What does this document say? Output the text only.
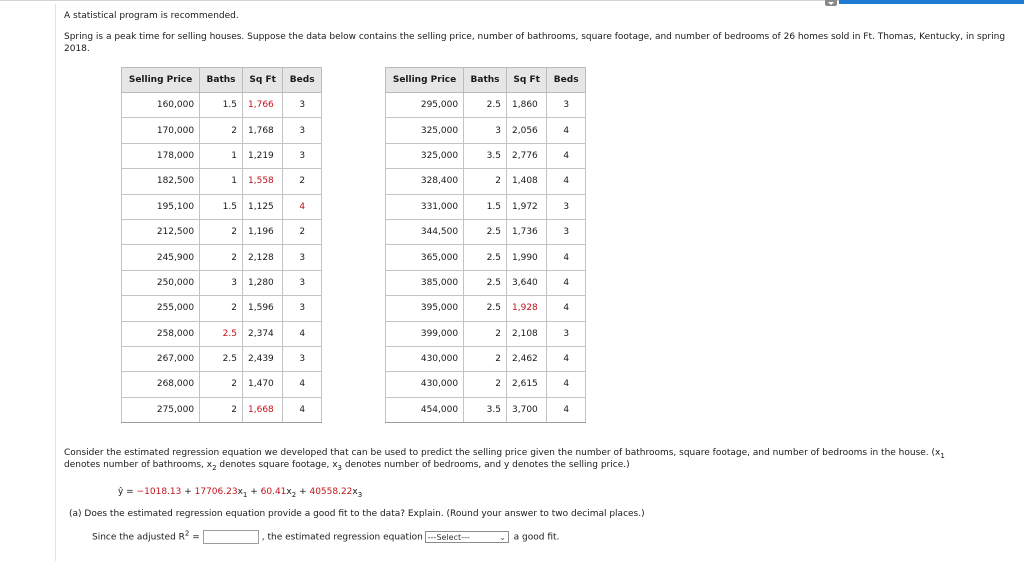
A statistical program is recommended.

Spring is a peak time for selling houses. Suppose the data below contains the selling price, number of bathrooms, square footage, and number of bedrooms of 26 homes sold in Ft. Thomas, Kentucky, in spring 2018.

Selling Price	Baths	Sq Ft	Beds
160,000	1.5	1,766	3
170,000	2	1,768	3
178,000	1	1,219	3
182,500	1	1,558	2
195,100	1.5	1,125	4
212,500	2	1,196	2
245,900	2	2,128	3
250,000	3	1,280	3
255,000	2	1,596	3
258,000	2.5	2,374	4
267,000	2.5	2,439	3
268,000	2	1,470	4
275,000	2	1,668	4
Selling Price	Baths	Sq Ft	Beds
295,000	2.5	1,860	3
325,000	3	2,056	4
325,000	3.5	2,776	4
328,400	2	1,408	4
331,000	1.5	1,972	3
344,500	2.5	1,736	3
365,000	2.5	1,990	4
385,000	2.5	3,640	4
395,000	2.5	1,928	4
399,000	2	2,108	3
430,000	2	2,462	4
430,000	2	2,615	4
454,000	3.5	3,700	4

Consider the estimated regression equation we developed that can be used to predict the selling price given the number of bathrooms, square footage, and number of bedrooms in the house. ($x_1$
denotes number of bathrooms, $x_2$ denotes square footage, $x_3$ denotes number of bedrooms, and y denotes the selling price.)

ŷ = $-1018.13 + 17706.23x_1 + 60.41x_2 + 40558.22x_3$

(a) Does the estimated regression equation provide a good fit to the data? Explain. (Round your answer to two decimal places.)

Since the adjusted $R^2$ =	, the estimated regression equation ---Select---	⌄ a good fit.
